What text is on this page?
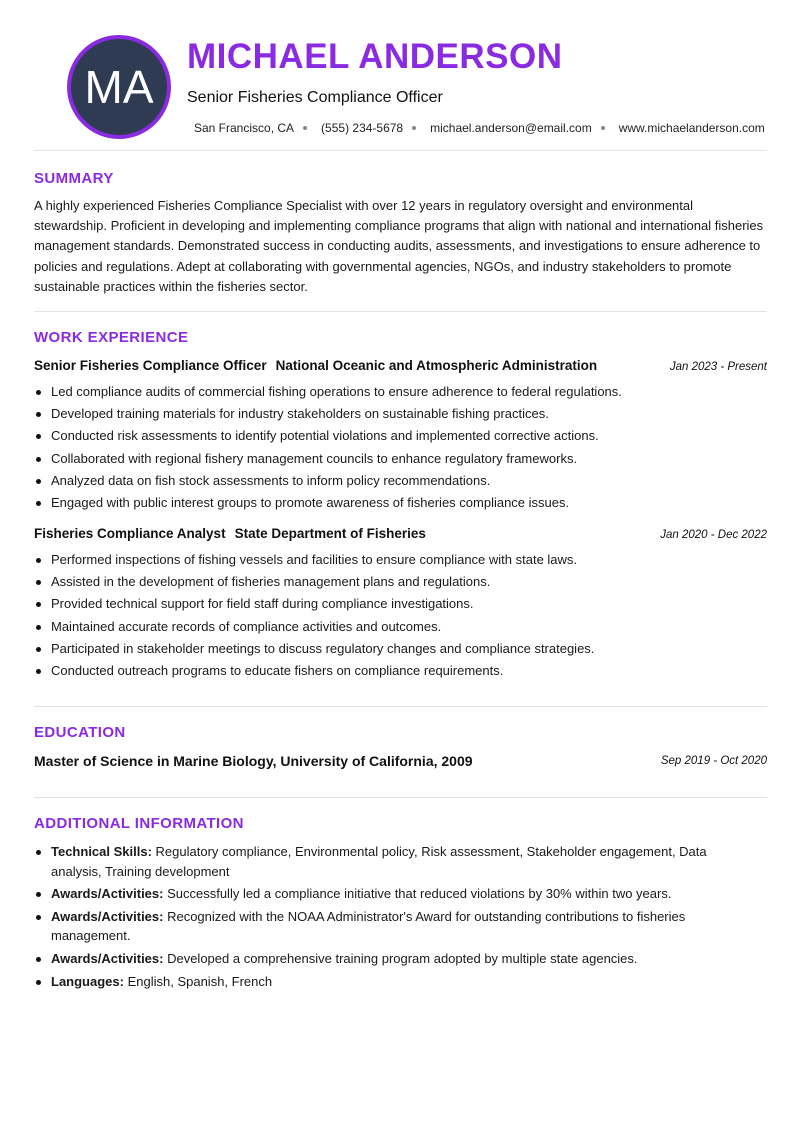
MA
MICHAEL ANDERSON
Senior Fisheries Compliance Officer
San Francisco, CA (555) 234-5678 michael.anderson@email.com www.michaelanderson.com
SUMMARY
A highly experienced Fisheries Compliance Specialist with over 12 years in regulatory oversight and environmental stewardship. Proficient in developing and implementing compliance programs that align with national and international fisheries management standards. Demonstrated success in conducting audits, assessments, and investigations to ensure adherence to policies and regulations. Adept at collaborating with governmental agencies, NGOs, and industry stakeholders to promote sustainable practices within the fisheries sector.
WORK EXPERIENCE
Senior Fisheries Compliance Officer National Oceanic and Atmospheric Administration	Jan 2023 - Present
Led compliance audits of commercial fishing operations to ensure adherence to federal regulations.
Developed training materials for industry stakeholders on sustainable fishing practices.
Conducted risk assessments to identify potential violations and implemented corrective actions.
Collaborated with regional fishery management councils to enhance regulatory frameworks.
Analyzed data on fish stock assessments to inform policy recommendations.
Engaged with public interest groups to promote awareness of fisheries compliance issues.
Fisheries Compliance Analyst State Department of Fisheries	Jan 2020 - Dec 2022
Performed inspections of fishing vessels and facilities to ensure compliance with state laws.
Assisted in the development of fisheries management plans and regulations.
Provided technical support for field staff during compliance investigations.
Maintained accurate records of compliance activities and outcomes.
Participated in stakeholder meetings to discuss regulatory changes and compliance strategies.
Conducted outreach programs to educate fishers on compliance requirements.
EDUCATION
Master of Science in Marine Biology, University of California, 2009	Sep 2019 - Oct 2020
ADDITIONAL INFORMATION
Technical Skills: Regulatory compliance, Environmental policy, Risk assessment, Stakeholder engagement, Data analysis, Training development
Awards/Activities: Successfully led a compliance initiative that reduced violations by 30% within two years.
Awards/Activities: Recognized with the NOAA Administrator's Award for outstanding contributions to fisheries management.
Awards/Activities: Developed a comprehensive training program adopted by multiple state agencies.
Languages: English, Spanish, French
